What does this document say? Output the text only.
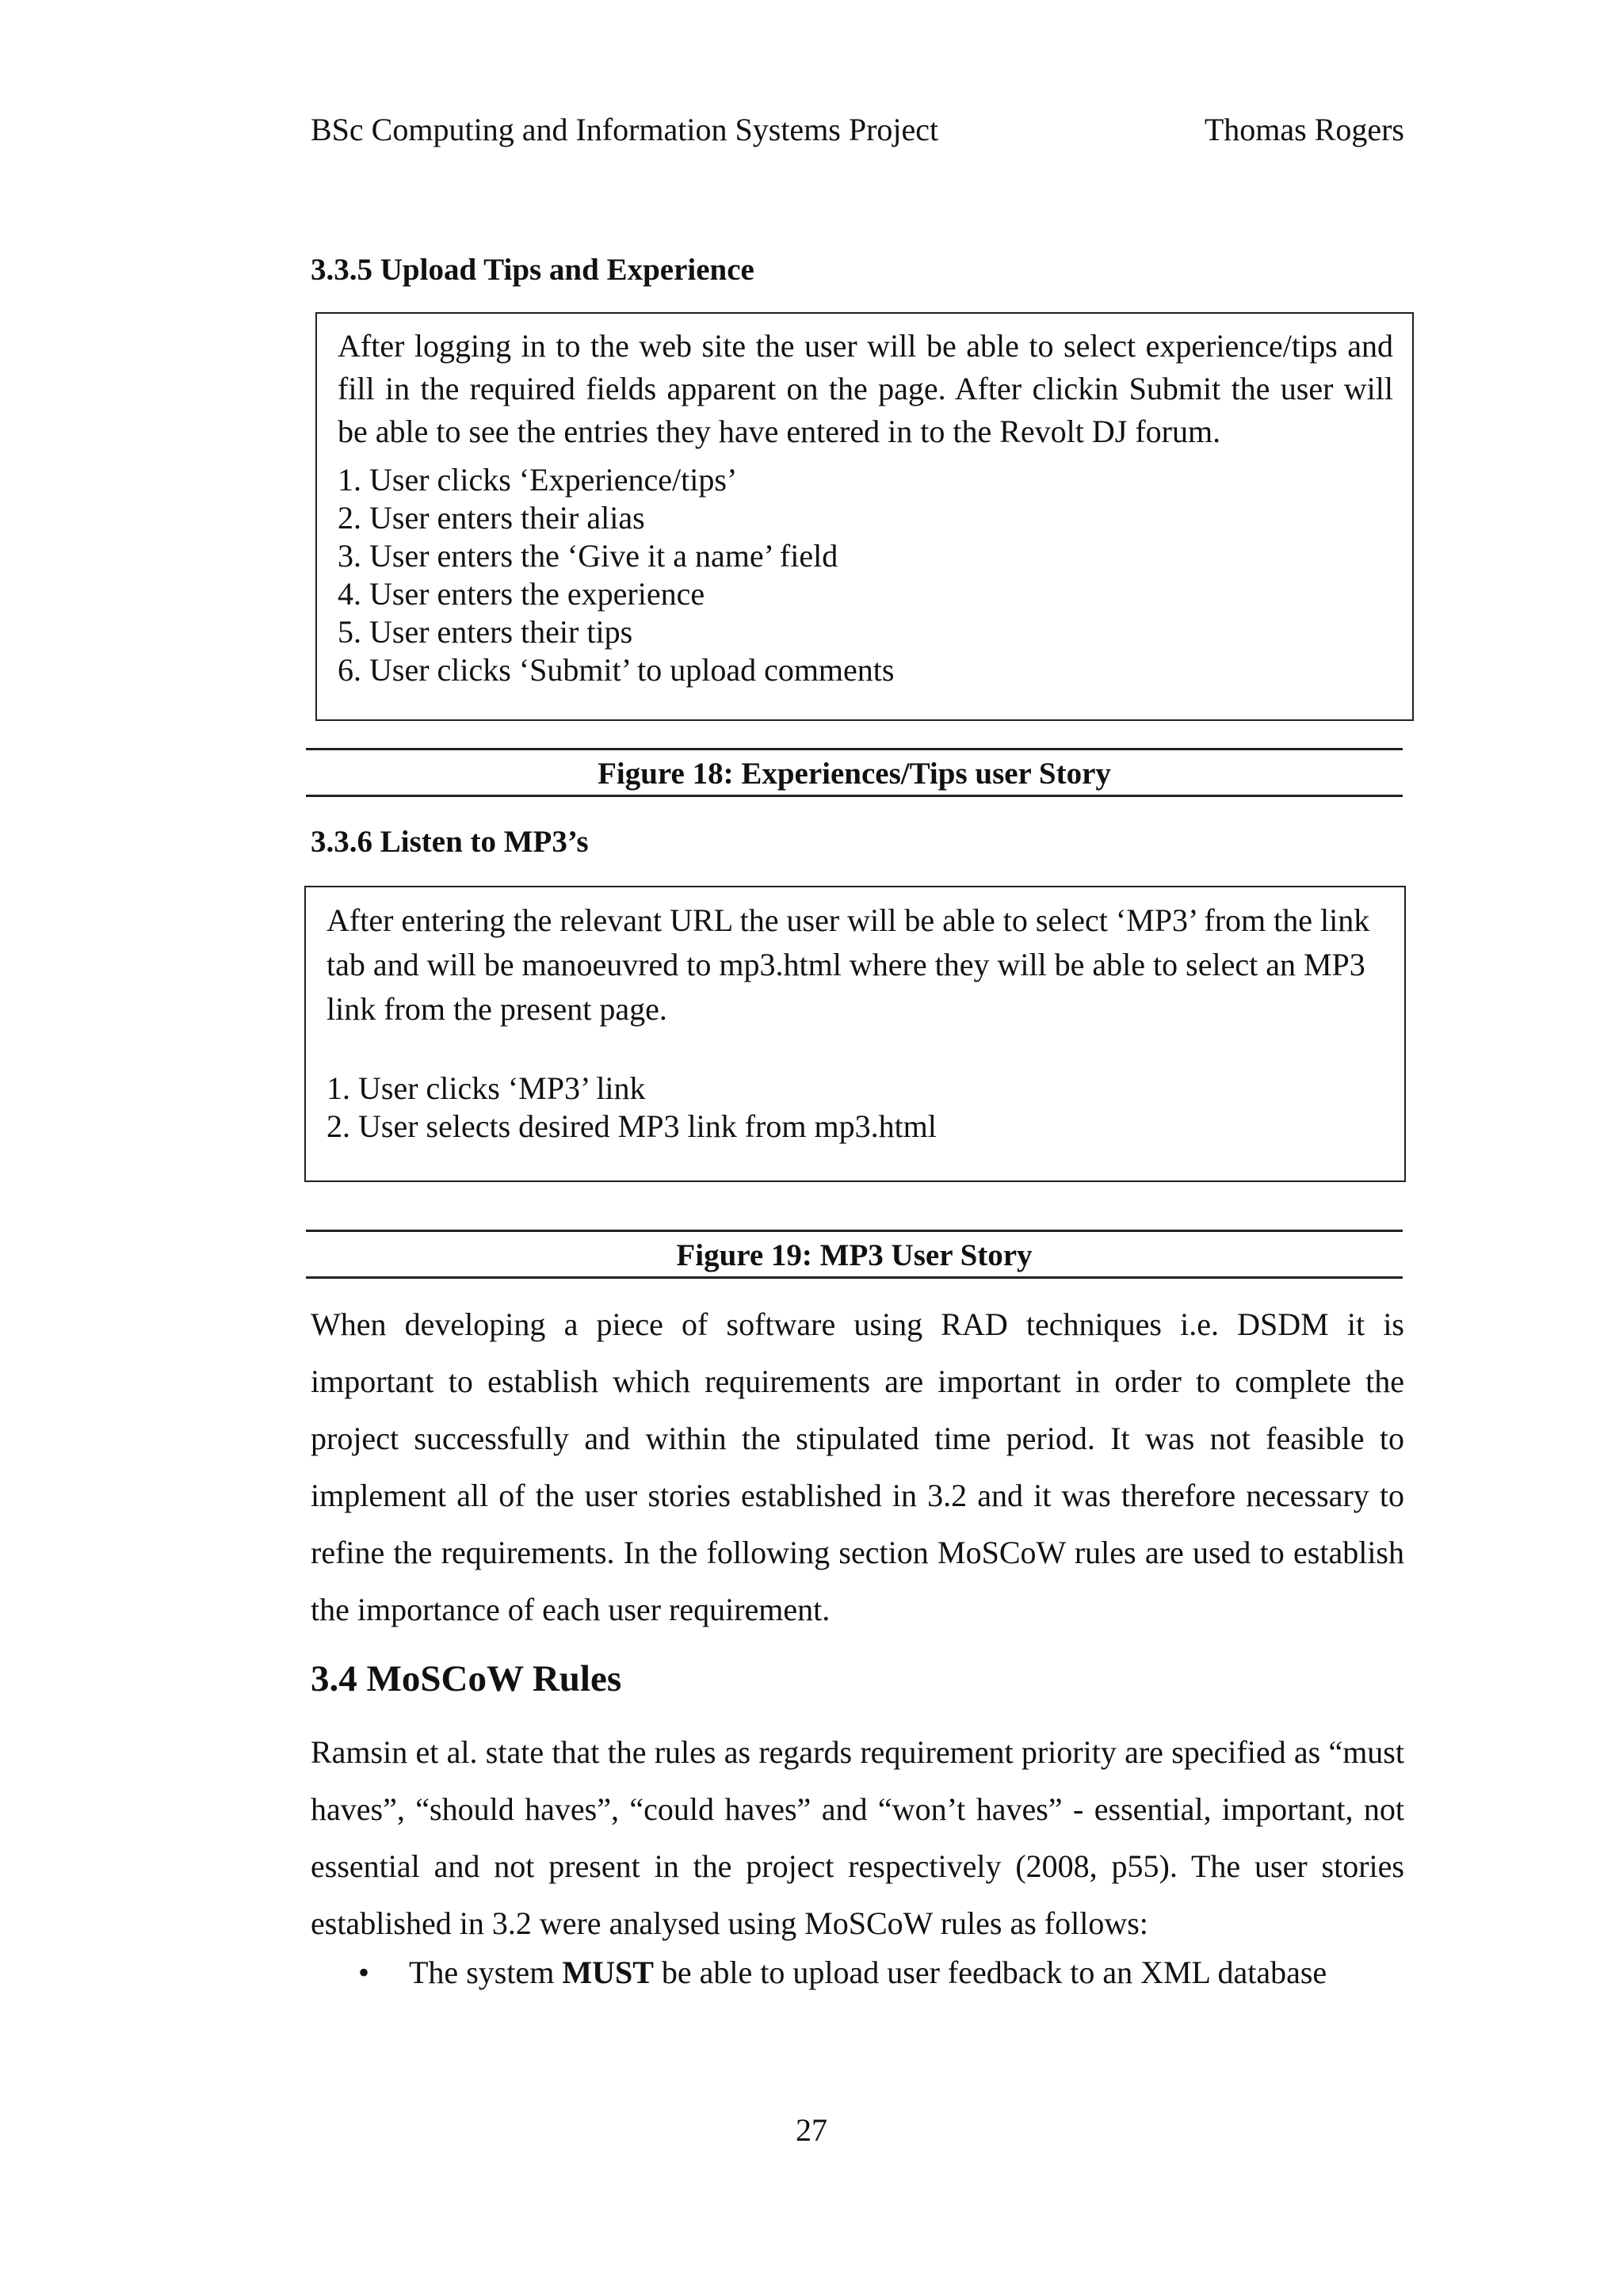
BSc Computing and Information Systems Project	Thomas Rogers
3.3.5 Upload Tips and Experience

After logging in to the web site the user will be able to select experience/tips and fill in the required fields apparent on the page. After clickin Submit the user will be able to see the entries they have entered in to the Revolt DJ forum.

1. User clicks ‘Experience/tips’
2. User enters their alias
3. User enters the ‘Give it a name’ field
4. User enters the experience
5. User enters their tips
6. User clicks ‘Submit’ to upload comments
Figure 18: Experiences/Tips user Story
3.3.6 Listen to MP3’s

After entering the relevant URL the user will be able to select ‘MP3’ from the link tab and will be manoeuvred to mp3.html where they will be able to select an MP3 link from the present page.

1. User clicks ‘MP3’ link
2. User selects desired MP3 link from mp3.html
Figure 19: MP3 User Story

When developing a piece of software using RAD techniques i.e. DSDM it is important to establish which requirements are important in order to complete the project successfully and within the stipulated time period. It was not feasible to implement all of the user stories established in 3.2 and it was therefore necessary to refine the requirements. In the following section MoSCoW rules are used to establish the importance of each user requirement.

3.4 MoSCoW Rules

Ramsin et al. state that the rules as regards requirement priority are specified as “must haves”, “should haves”, “could haves” and “won’t haves” - essential, important, not essential and not present in the project respectively (2008, p55). The user stories established in 3.2 were analysed using MoSCoW rules as follows:

• The system MUST be able to upload user feedback to an XML database
27
